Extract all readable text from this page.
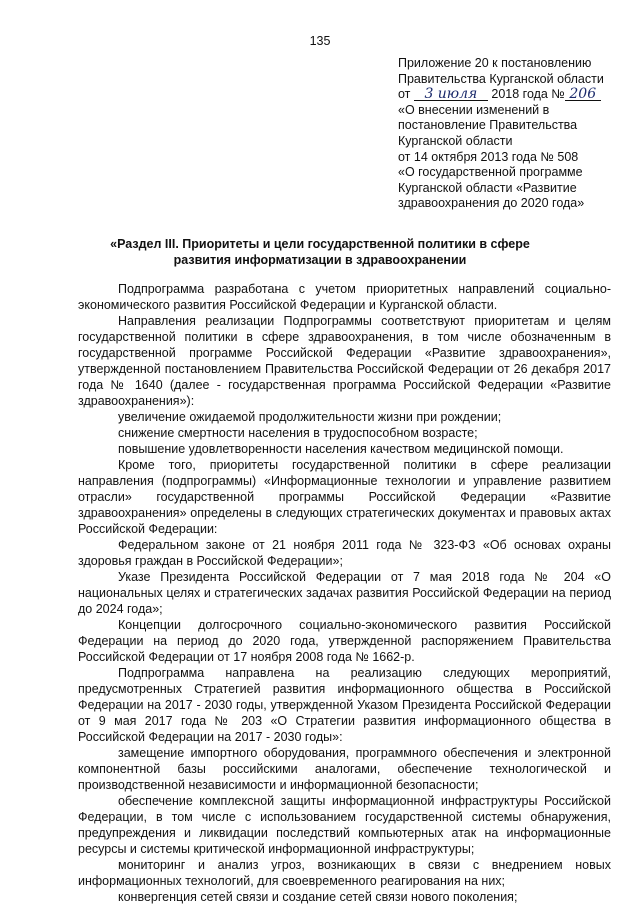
135
Приложение 20 к постановлению
Правительства Курганской области
от 3 июля 2018 года № 206
«О внесении изменений в
постановление Правительства
Курганской области
от 14 октября 2013 года № 508
«О государственной программе
Курганской области «Развитие
здравоохранения до 2020 года»
«Раздел III. Приоритеты и цели государственной политики в сфере
развития информатизации в здравоохранении

Подпрограмма разработана с учетом приоритетных направлений социально-экономического развития Российской Федерации и Курганской области.

Направления реализации Подпрограммы соответствуют приоритетам и целям государственной политики в сфере здравоохранения, в том числе обозначенным в государственной программе Российской Федерации «Развитие здравоохранения», утвержденной постановлением Правительства Российской Федерации от 26 декабря 2017 года № 1640 (далее - государственная программа Российской Федерации «Развитие здравоохранения»):

увеличение ожидаемой продолжительности жизни при рождении;

снижение смертности населения в трудоспособном возрасте;

повышение удовлетворенности населения качеством медицинской помощи.

Кроме того, приоритеты государственной политики в сфере реализации направления (подпрограммы) «Информационные технологии и управление развитием отрасли» государственной программы Российской Федерации «Развитие здравоохранения» определены в следующих стратегических документах и правовых актах Российской Федерации:

Федеральном законе от 21 ноября 2011 года № 323-ФЗ «Об основах охраны здоровья граждан в Российской Федерации»;

Указе Президента Российской Федерации от 7 мая 2018 года № 204 «О национальных целях и стратегических задачах развития Российской Федерации на период до 2024 года»;

Концепции долгосрочного социально-экономического развития Российской Федерации на период до 2020 года, утвержденной распоряжением Правительства Российской Федерации от 17 ноября 2008 года № 1662-р.

Подпрограмма направлена на реализацию следующих мероприятий, предусмотренных Стратегией развития информационного общества в Российской Федерации на 2017 - 2030 годы, утвержденной Указом Президента Российской Федерации от 9 мая 2017 года № 203 «О Стратегии развития информационного общества в Российской Федерации на 2017 - 2030 годы»:

замещение импортного оборудования, программного обеспечения и электронной компонентной базы российскими аналогами, обеспечение технологической и производственной независимости и информационной безопасности;

обеспечение комплексной защиты информационной инфраструктуры Российской Федерации, в том числе с использованием государственной системы обнаружения, предупреждения и ликвидации последствий компьютерных атак на информационные ресурсы и системы критической информационной инфраструктуры;

мониторинг и анализ угроз, возникающих в связи с внедрением новых информационных технологий, для своевременного реагирования на них;

конвергенция сетей связи и создание сетей связи нового поколения;
